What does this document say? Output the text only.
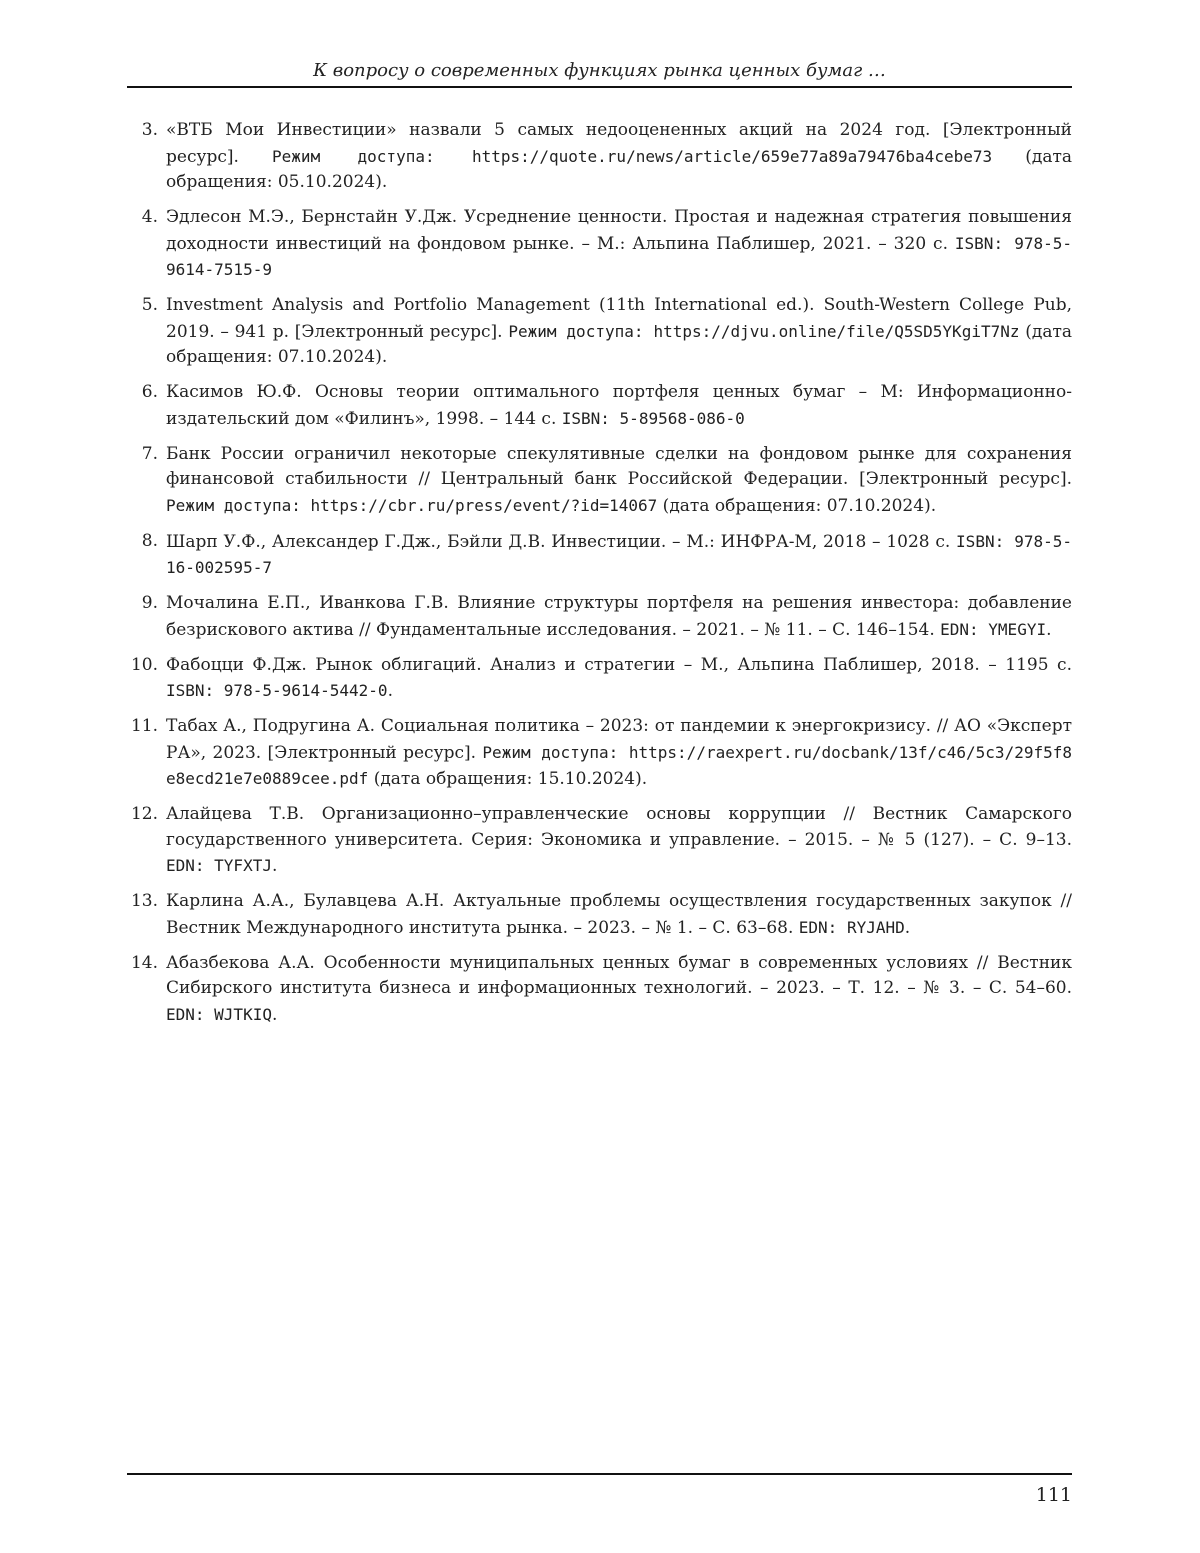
К вопросу о современных функциях рынка ценных бумаг …
3. «ВТБ Мои Инвестиции» назвали 5 самых недооцененных акций на 2024 год. [Электронный ресурс]. Режим доступа: https://quote.ru/news/article/659e77a89a79476ba4cebe73 (дата обращения: 05.10.2024).
4. Эдлесон М.Э., Бернстайн У.Дж. Усреднение ценности. Простая и надежная стратегия повышения доходности инвестиций на фондовом рынке. – М.: Альпина Паблишер, 2021. – 320 с. ISBN: 978-5-9614-7515-9
5. Investment Analysis and Portfolio Management (11th International ed.). South-Western College Pub, 2019. – 941 p. [Электронный ресурс]. Режим доступа: https://djvu.online/file/Q5SD5YKgiT7Nz (дата обращения: 07.10.2024).
6. Касимов Ю.Ф. Основы теории оптимального портфеля ценных бумаг – М: Информационно-издательский дом «Филинъ», 1998. – 144 с. ISBN: 5-89568-086-0
7. Банк России ограничил некоторые спекулятивные сделки на фондовом рынке для сохранения финансовой стабильности // Центральный банк Российской Федерации. [Электронный ресурс]. Режим доступа: https://cbr.ru/press/event/?id=14067 (дата обращения: 07.10.2024).
8. Шарп У.Ф., Александер Г.Дж., Бэйли Д.В. Инвестиции. – М.: ИНФРА-М, 2018 – 1028 с. ISBN: 978-5-16-002595-7
9. Мочалина Е.П., Иванкова Г.В. Влияние структуры портфеля на решения инвестора: добавление безрискового актива // Фундаментальные исследования. – 2021. – № 11. – С. 146–154. EDN: YMEGYI.
10. Фабоцци Ф.Дж. Рынок облигаций. Анализ и стратегии – М., Альпина Паблишер, 2018. – 1195 с. ISBN: 978-5-9614-5442-0.
11. Табах А., Подругина А. Социальная политика – 2023: от пандемии к энергокризису. // АО «Эксперт РА», 2023. [Электронный ресурс]. Режим доступа: https://raexpert.ru/docbank/13f/c46/5c3/29f5f8e8ecd21e7e0889cee.pdf (дата обращения: 15.10.2024).
12. Алайцева Т.В. Организационно–управленческие основы коррупции // Вестник Самарского государственного университета. Серия: Экономика и управление. – 2015. – № 5 (127). – С. 9–13. EDN: TYFXTJ.
13. Карлина А.А., Булавцева А.Н. Актуальные проблемы осуществления государственных закупок // Вестник Международного института рынка. – 2023. – № 1. – С. 63–68. EDN: RYJAHD.
14. Абазбекова А.А. Особенности муниципальных ценных бумаг в современных условиях // Вестник Сибирского института бизнеса и информационных технологий. – 2023. – Т. 12. – № 3. – С. 54–60. EDN: WJTKIQ.
111
